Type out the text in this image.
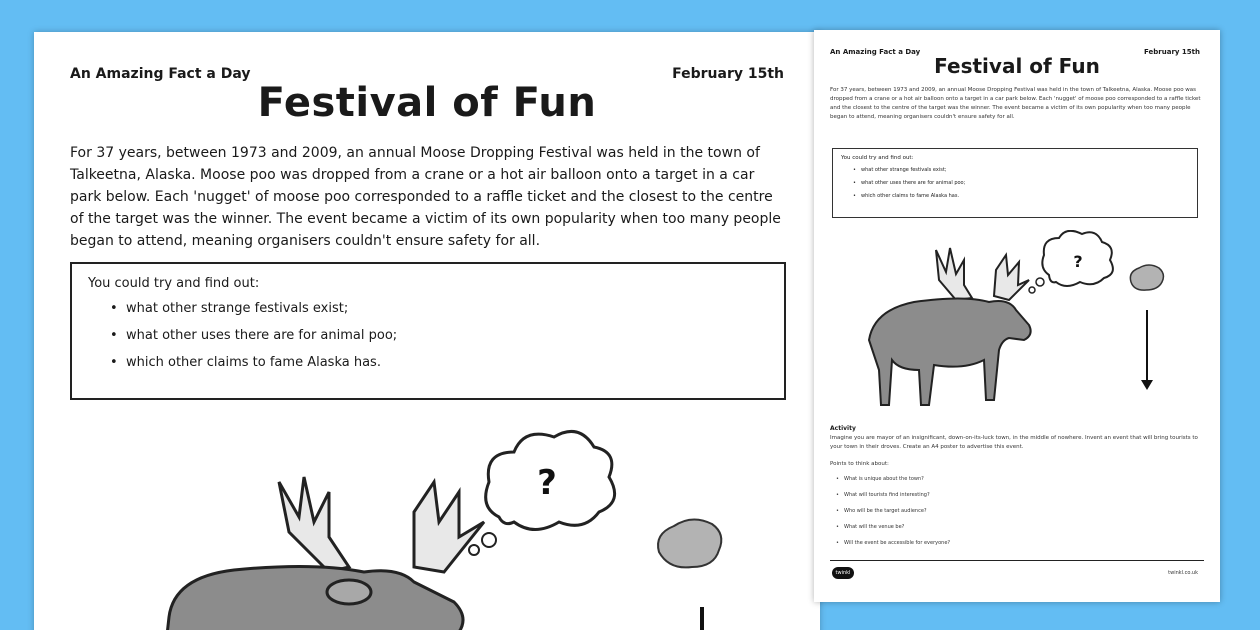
An Amazing Fact a Day	February 15th
Festival of Fun

For 37 years, between 1973 and 2009, an annual Moose Dropping Festival was held in the town of Talkeetna, Alaska. Moose poo was dropped from a crane or a hot air balloon onto a target in a car park below. Each 'nugget' of moose poo corresponded to a raffle ticket and the closest to the centre of the target was the winner. The event became a victim of its own popularity when too many people began to attend, meaning organisers couldn't ensure safety for all.

You could try and find out:
• what other strange festivals exist;
• what other uses there are for animal poo;
• which other claims to fame Alaska has.
?
An Amazing Fact a Day	February 15th
Festival of Fun

For 37 years, between 1973 and 2009, an annual Moose Dropping Festival was held in the town of Talkeetna, Alaska. Moose poo was dropped from a crane or a hot air balloon onto a target in a car park below. Each 'nugget' of moose poo corresponded to a raffle ticket and the closest to the centre of the target was the winner. The event became a victim of its own popularity when too many people began to attend, meaning organisers couldn't ensure safety for all.

You could try and find out:
• what other strange festivals exist;
• what other uses there are for animal poo;
• which other claims to fame Alaska has.
?
Activity

Imagine you are mayor of an insignificant, down-on-its-luck town, in the middle of nowhere. Invent an event that will bring tourists to your town in their droves. Create an A4 poster to advertise this event.

Points to think about:
• What is unique about the town?
• What will tourists find interesting?
• Who will be the target audience?
• What will the venue be?
• Will the event be accessible for everyone?
twinkl	twinkl.co.uk
